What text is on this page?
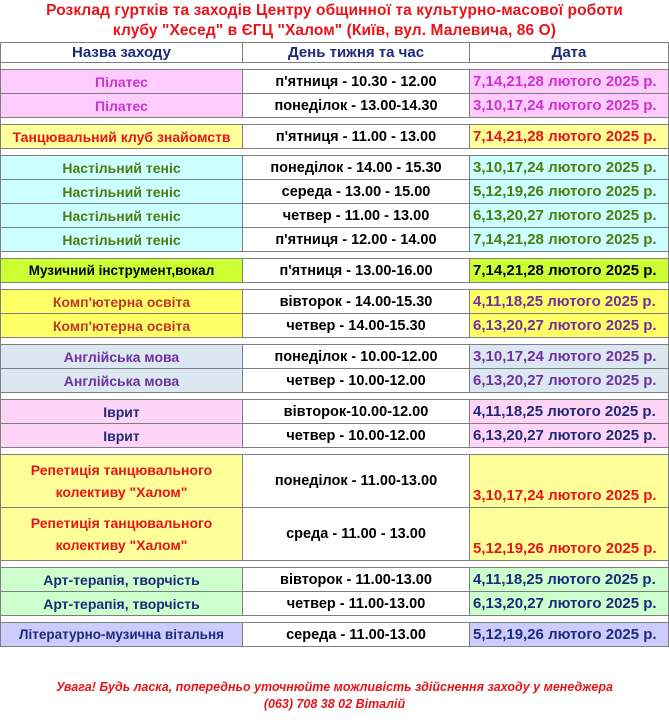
Розклад гуртків та заходів Центру общинної та культурно-масової роботи
клубу "Хесед" в ЄГЦ "Халом" (Київ, вул. Малевича, 86 О)
Назва заходу	День тижня та час	Дата

Пілатес	п'ятниця - 10.30 - 12.00	7,14,21,28 лютого 2025 р.
Пілатес	понеділок - 13.00-14.30	3,10,17,24 лютого 2025 р.

Танцювальний клуб знайомств	п'ятниця - 11.00 - 13.00	7,14,21,28 лютого 2025 р.

Настільний теніс	понеділок - 14.00 - 15.30	3,10,17,24 лютого 2025 р.
Настільний теніс	середа - 13.00 - 15.00	5,12,19,26 лютого 2025 р.
Настільний теніс	четвер - 11.00 - 13.00	6,13,20,27 лютого 2025 р.
Настільний теніс	п'ятниця - 12.00 - 14.00	7,14,21,28 лютого 2025 р.

Музичний інструмент,вокал	п'ятниця - 13.00-16.00	7,14,21,28 лютого 2025 р.

Комп'ютерна освіта	вівторок - 14.00-15.30	4,11,18,25 лютого 2025 р.
Комп'ютерна освіта	четвер - 14.00-15.30	6,13,20,27 лютого 2025 р.

Англійська мова	понеділок - 10.00-12.00	3,10,17,24 лютого 2025 р.
Англійська мова	четвер - 10.00-12.00	6,13,20,27 лютого 2025 р.

Іврит	вівторок-10.00-12.00	4,11,18,25 лютого 2025 р.
Іврит	четвер - 10.00-12.00	6,13,20,27 лютого 2025 р.

Репетиція танцювального колективу "Халом"	понеділок - 11.00-13.00	3,10,17,24 лютого 2025 р.
Репетиція танцювального колективу "Халом"	среда - 11.00 - 13.00	5,12,19,26 лютого 2025 р.

Арт-терапія, творчість	вівторок - 11.00-13.00	4,11,18,25 лютого 2025 р.
Арт-терапія, творчість	четвер - 11.00-13.00	6,13,20,27 лютого 2025 р.

Літературно-музична вітальня	середа - 11.00-13.00	5,12,19,26 лютого 2025 р.
Увага! Будь ласка, попередньо уточнюйте можливість здійснення заходу у менеджера
(063) 708 38 02 Віталій
